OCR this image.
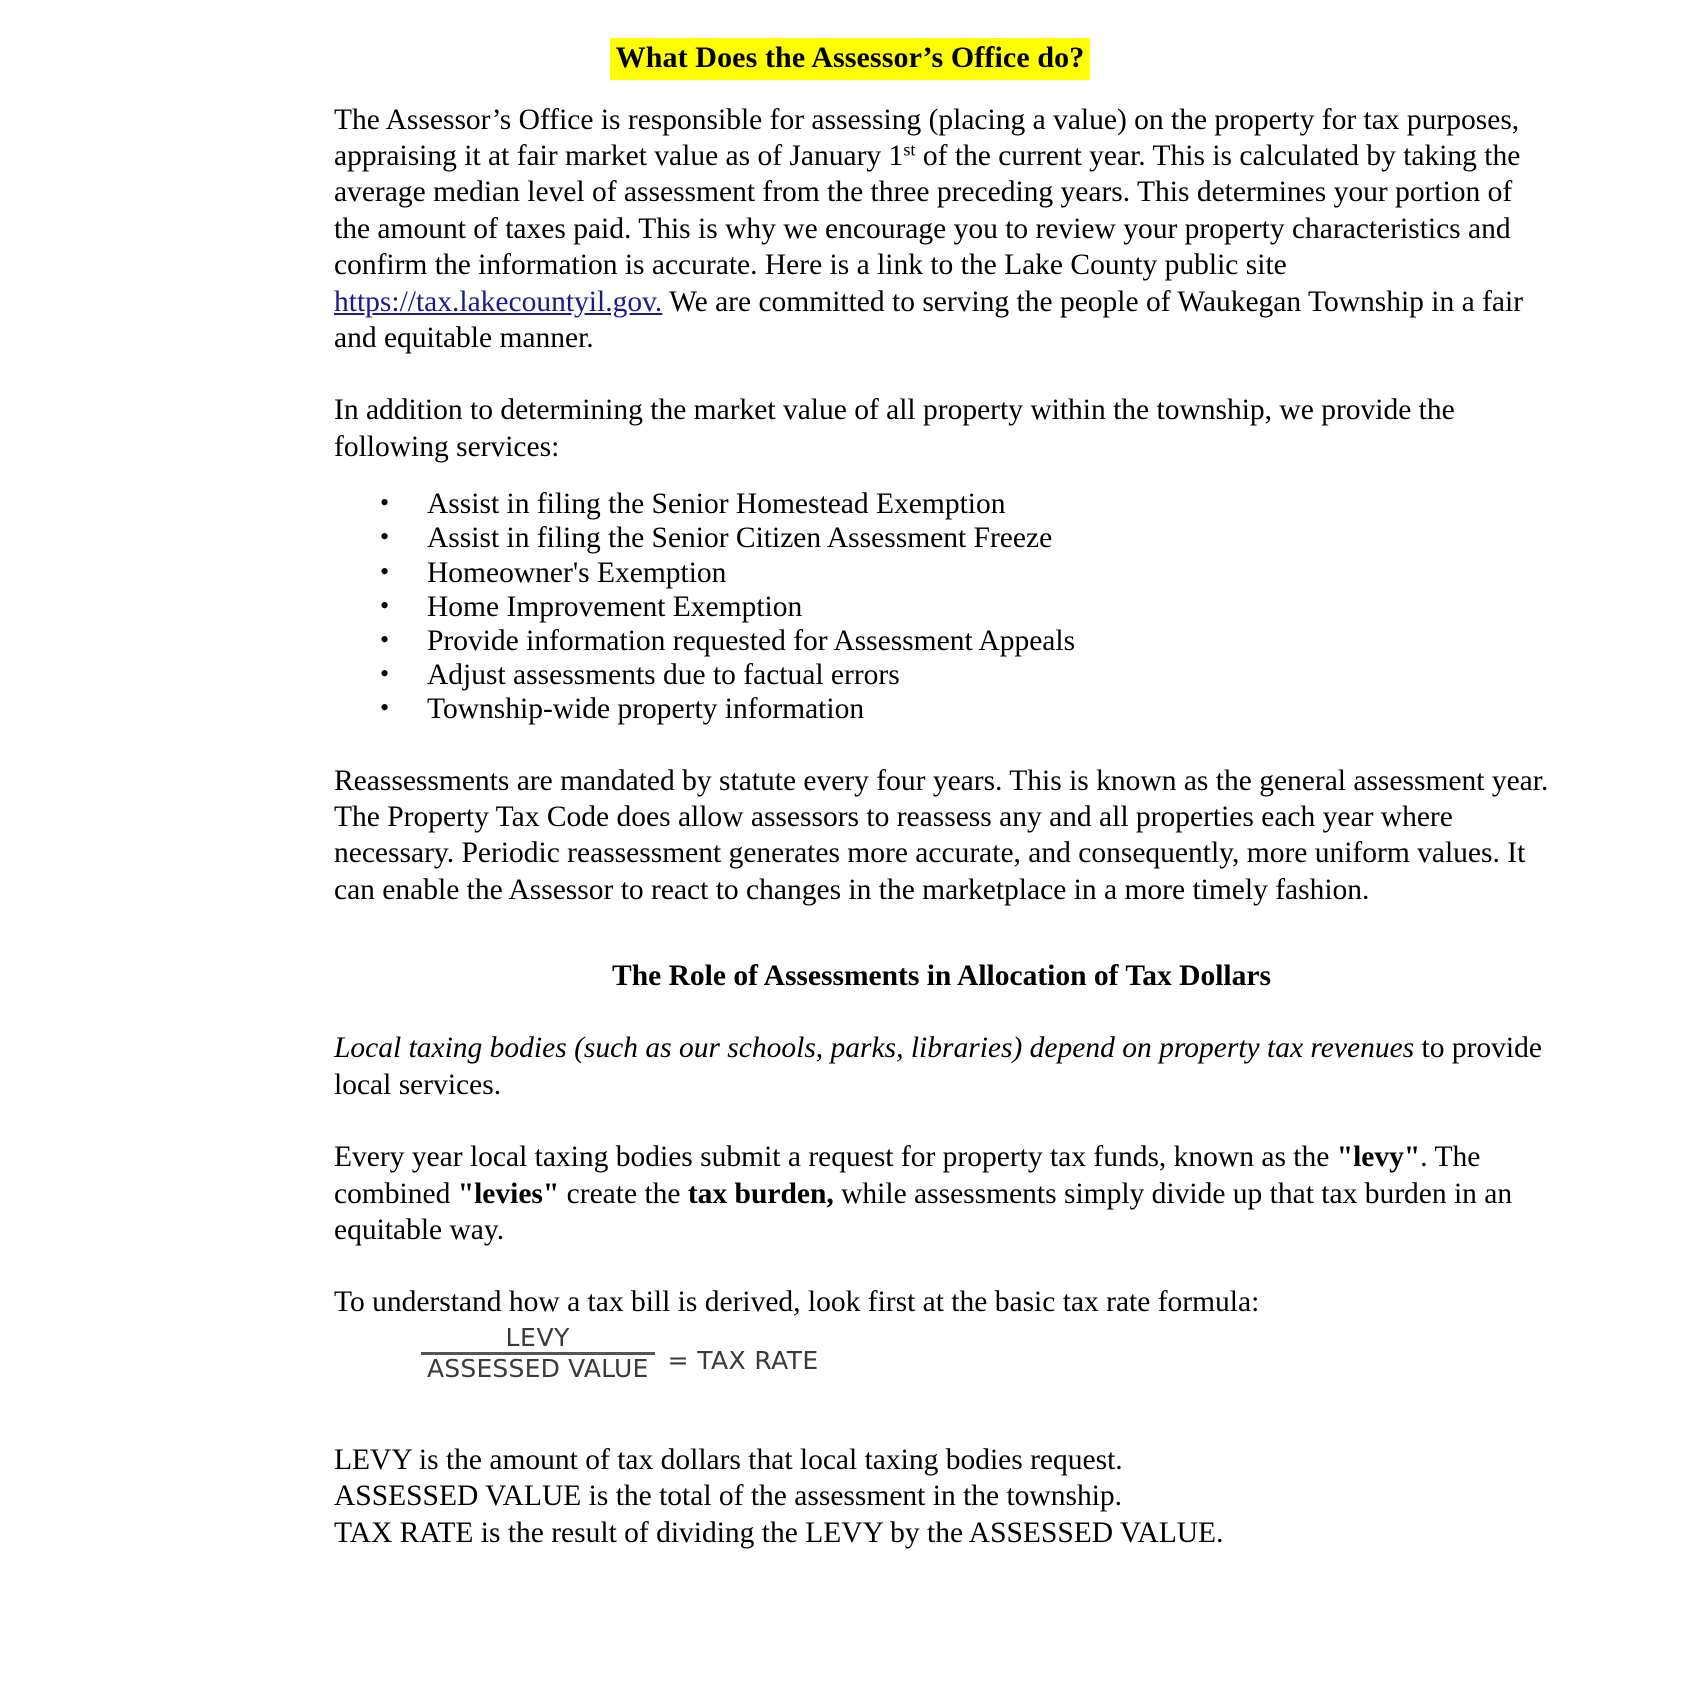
What Does the Assessor’s Office do?

The Assessor’s Office is responsible for assessing (placing a value) on the property for tax purposes, appraising it at fair market value as of January 1st of the current year. This is calculated by taking the average median level of assessment from the three preceding years. This determines your portion of the amount of taxes paid. This is why we encourage you to review your property characteristics and confirm the information is accurate. Here is a link to the Lake County public site https://tax.lakecountyil.gov. We are committed to serving the people of Waukegan Township in a fair and equitable manner.

In addition to determining the market value of all property within the township, we provide the following services:

• Assist in filing the Senior Homestead Exemption
• Assist in filing the Senior Citizen Assessment Freeze
• Homeowner's Exemption
• Home Improvement Exemption
• Provide information requested for Assessment Appeals
• Adjust assessments due to factual errors
• Township-wide property information

Reassessments are mandated by statute every four years. This is known as the general assessment year. The Property Tax Code does allow assessors to reassess any and all properties each year where necessary. Periodic reassessment generates more accurate, and consequently, more uniform values. It can enable the Assessor to react to changes in the marketplace in a more timely fashion.

The Role of Assessments in Allocation of Tax Dollars

Local taxing bodies (such as our schools, parks, libraries) depend on property tax revenues to provide local services.

Every year local taxing bodies submit a request for property tax funds, known as the "levy". The combined "levies" create the tax burden, while assessments simply divide up that tax burden in an equitable way.

To understand how a tax bill is derived, look first at the basic tax rate formula:

$\frac{\text{LEVY}}{\text{ASSESSED VALUE}}$ = TAX RATE

LEVY is the amount of tax dollars that local taxing bodies request.

ASSESSED VALUE is the total of the assessment in the township.

TAX RATE is the result of dividing the LEVY by the ASSESSED VALUE.
